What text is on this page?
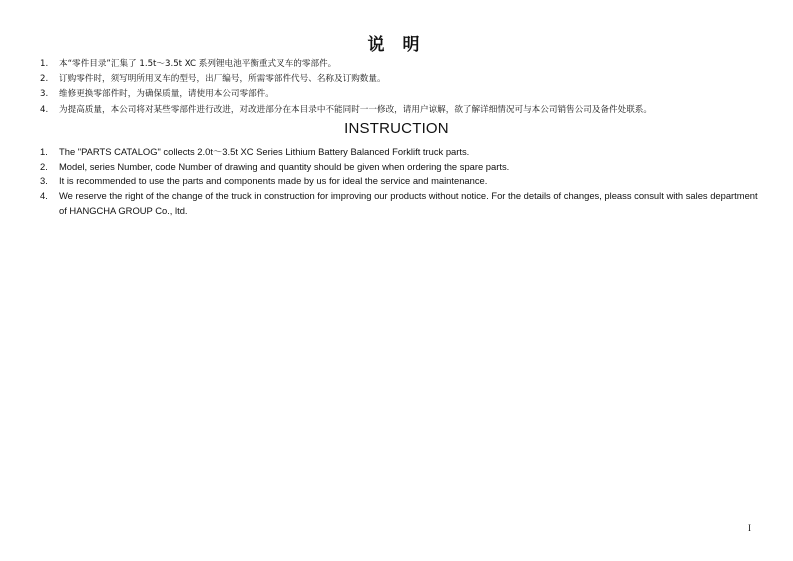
说 明
1. 本“零件目录”汇集了 1.5t～3.5t XC 系列锂电池平衡重式叉车的零部件。
2. 订购零件时，须写明所用叉车的型号，出厂编号，所需零部件代号、名称及订购数量。
3. 维修更换零部件时，为确保质量，请使用本公司零部件。
4. 为提高质量，本公司将对某些零部件进行改进，对改进部分在本目录中不能同时一一修改，请用户谅解，欲了解详细情况可与本公司销售公司及备件处联系。
INSTRUCTION
1. The "PARTS CATALOG" collects 2.0t～3.5t XC Series Lithium Battery Balanced Forklift truck parts.
2. Model, series Number, code Number of drawing and quantity should be given when ordering the spare parts.
3. It is recommended to use the parts and components made by us for ideal the service and maintenance.
4. We reserve the right of the change of the truck in construction for improving our products without notice. For the details of changes, pleass consult with sales department of HANGCHA GROUP Co., ltd.
I
